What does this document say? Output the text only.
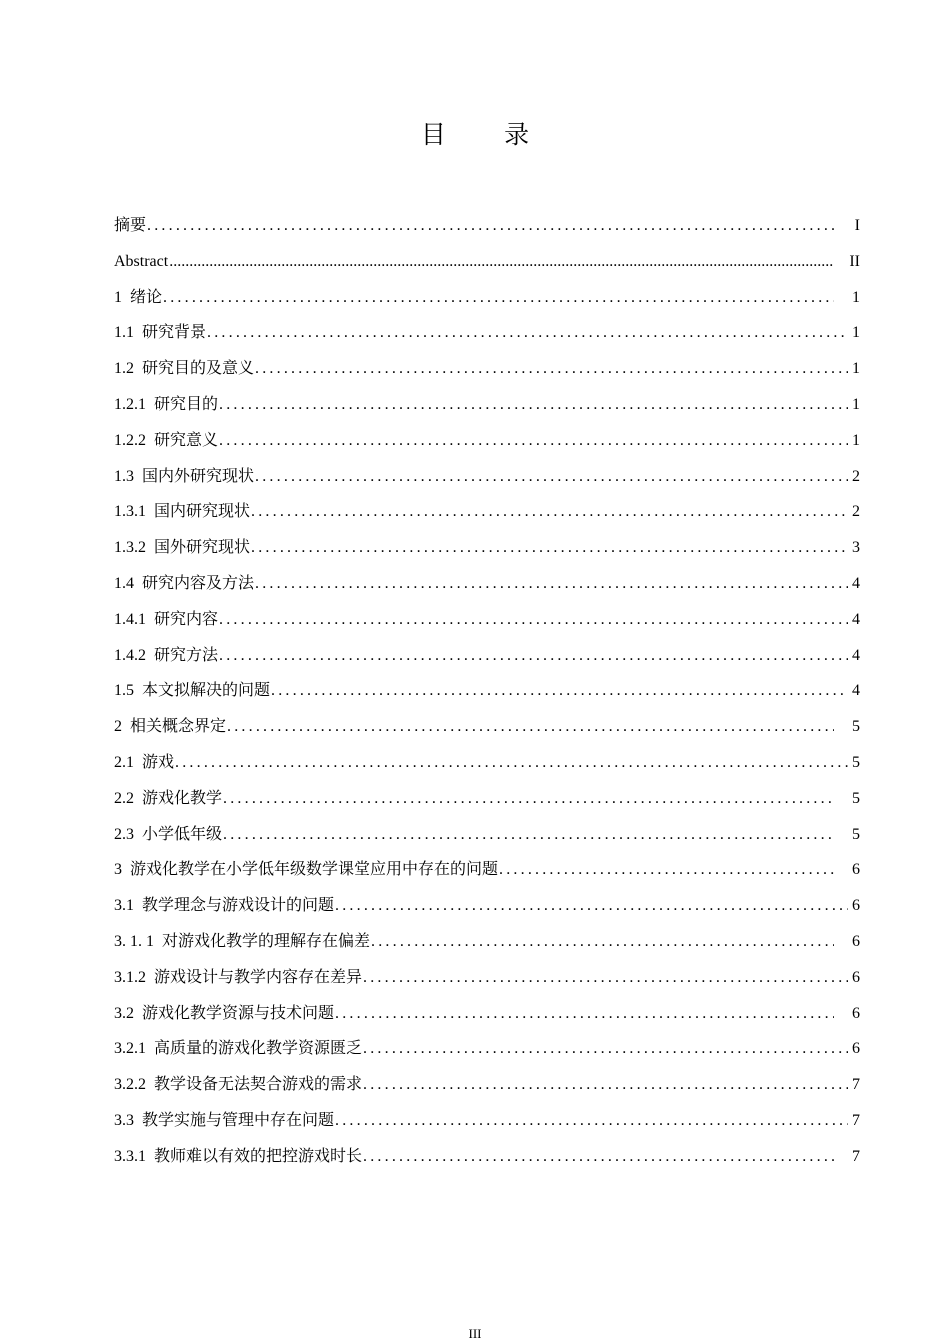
目 录
摘要 .....	I
Abstract .....	II
1 绪论 .....	1
1.1 研究背景 .....	1
1.2 研究目的及意义 .....	1
1.2.1 研究目的 .....	1
1.2.2 研究意义 .....	1
1.3 国内外研究现状 .....	2
1.3.1 国内研究现状 .....	2
1.3.2 国外研究现状 .....	3
1.4 研究内容及方法 .....	4
1.4.1 研究内容 .....	4
1.4.2 研究方法 .....	4
1.5 本文拟解决的问题 .....	4
2 相关概念界定 .....	5
2.1 游戏 .....	5
2.2 游戏化教学 .....	5
2.3 小学低年级 .....	5
3 游戏化教学在小学低年级数学课堂应用中存在的问题 .....	6
3.1 教学理念与游戏设计的问题 .....	6
3. 1. 1 对游戏化教学的理解存在偏差 .....	6
3.1.2 游戏设计与教学内容存在差异 .....	6
3.2 游戏化教学资源与技术问题 .....	6
3.2.1 高质量的游戏化教学资源匮乏 .....	6
3.2.2 教学设备无法契合游戏的需求 .....	7
3.3 教学实施与管理中存在问题 .....	7
3.3.1 教师难以有效的把控游戏时长 .....	7
III
